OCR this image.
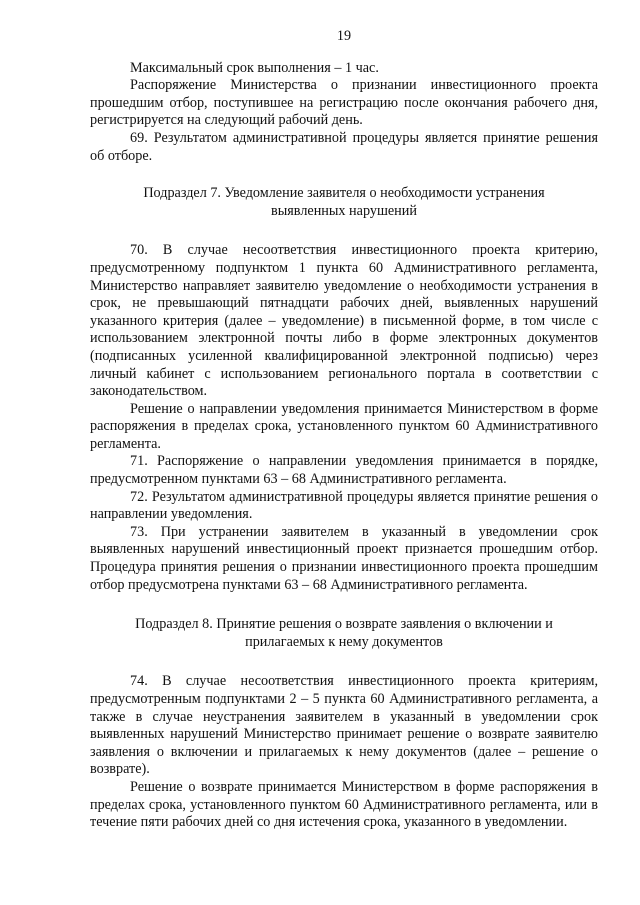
19

Максимальный срок выполнения – 1 час.

Распоряжение Министерства о признании инвестиционного проекта прошедшим отбор, поступившее на регистрацию после окончания рабочего дня, регистрируется на следующий рабочий день.

69. Результатом административной процедуры является принятие решения об отборе.

Подраздел 7. Уведомление заявителя о необходимости устранения выявленных нарушений

70. В случае несоответствия инвестиционного проекта критерию, предусмотренному подпунктом 1 пункта 60 Административного регламента, Министерство направляет заявителю уведомление о необходимости устранения в срок, не превышающий пятнадцати рабочих дней, выявленных нарушений указанного критерия (далее – уведомление) в письменной форме, в том числе с использованием электронной почты либо в форме электронных документов (подписанных усиленной квалифицированной электронной подписью) через личный кабинет с использованием регионального портала в соответствии с законодательством.

Решение о направлении уведомления принимается Министерством в форме распоряжения в пределах срока, установленного пунктом 60 Административного регламента.

71. Распоряжение о направлении уведомления принимается в порядке, предусмотренном пунктами 63 – 68 Административного регламента.

72. Результатом административной процедуры является принятие решения о направлении уведомления.

73. При устранении заявителем в указанный в уведомлении срок выявленных нарушений инвестиционный проект признается прошедшим отбор. Процедура принятия решения о признании инвестиционного проекта прошедшим отбор предусмотрена пунктами 63 – 68 Административного регламента.

Подраздел 8. Принятие решения о возврате заявления о включении и прилагаемых к нему документов

74. В случае несоответствия инвестиционного проекта критериям, предусмотренным подпунктами 2 – 5 пункта 60 Административного регламента, а также в случае неустранения заявителем в указанный в уведомлении срок выявленных нарушений Министерство принимает решение о возврате заявителю заявления о включении и прилагаемых к нему документов (далее – решение о возврате).

Решение о возврате принимается Министерством в форме распоряжения в пределах срока, установленного пунктом 60 Административного регламента, или в течение пяти рабочих дней со дня истечения срока, указанного в уведомлении.
